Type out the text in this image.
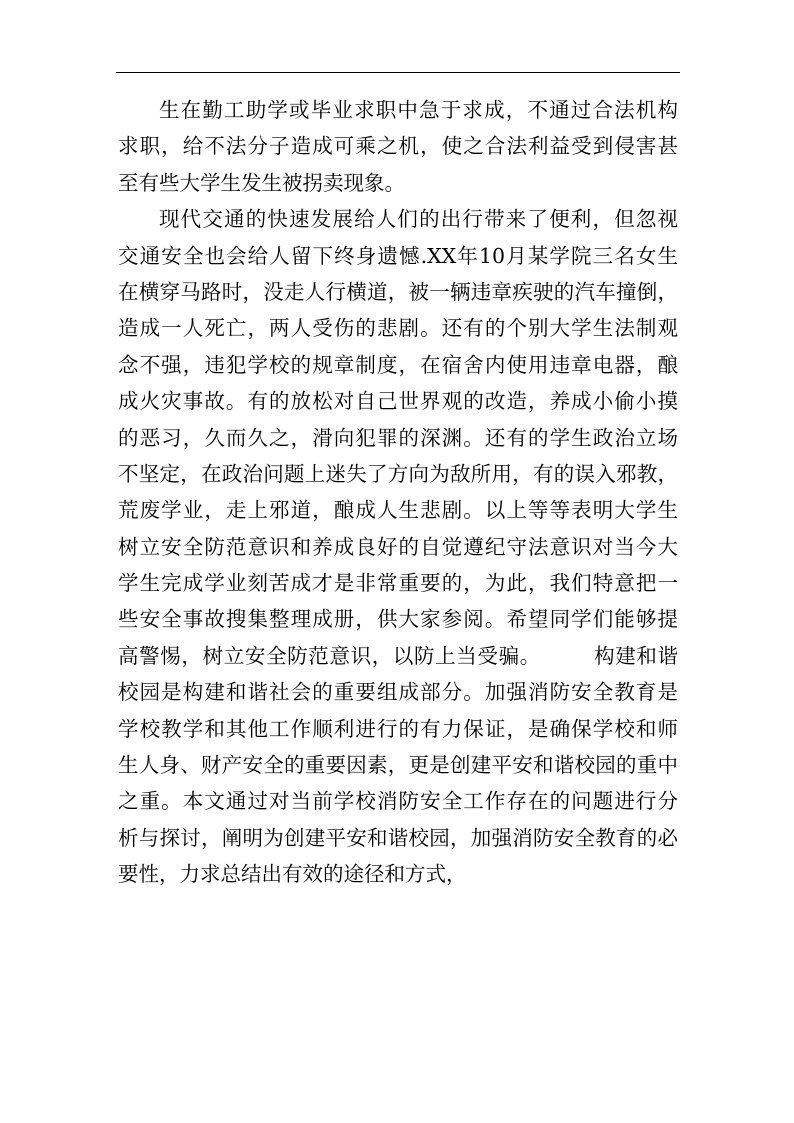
生在勤工助学或毕业求职中急于求成，不通过合法机构
求职，给不法分子造成可乘之机，使之合法利益受到侵害甚
至有些大学生发生被拐卖现象。
现代交通的快速发展给人们的出行带来了便利，但忽视
交通安全也会给人留下终身遗憾.XX年10月某学院三名女生
在横穿马路时，没走人行横道，被一辆违章疾驶的汽车撞倒，
造成一人死亡，两人受伤的悲剧。还有的个别大学生法制观
念不强，违犯学校的规章制度，在宿舍内使用违章电器，酿
成火灾事故。有的放松对自己世界观的改造，养成小偷小摸
的恶习，久而久之，滑向犯罪的深渊。还有的学生政治立场
不坚定，在政治问题上迷失了方向为敌所用，有的误入邪教，
荒废学业，走上邪道，酿成人生悲剧。以上等等表明大学生
树立安全防范意识和养成良好的自觉遵纪守法意识对当今大
学生完成学业刻苦成才是非常重要的，为此，我们特意把一
些安全事故搜集整理成册，供大家参阅。希望同学们能够提
高警惕，树立安全防范意识，以防上当受骗。　　　构建和谐
校园是构建和谐社会的重要组成部分。加强消防安全教育是
学校教学和其他工作顺利进行的有力保证，是确保学校和师
生人身、财产安全的重要因素，更是创建平安和谐校园的重中
之重。本文通过对当前学校消防安全工作存在的问题进行分
析与探讨，阐明为创建平安和谐校园，加强消防安全教育的必
要性，力求总结出有效的途径和方式，
